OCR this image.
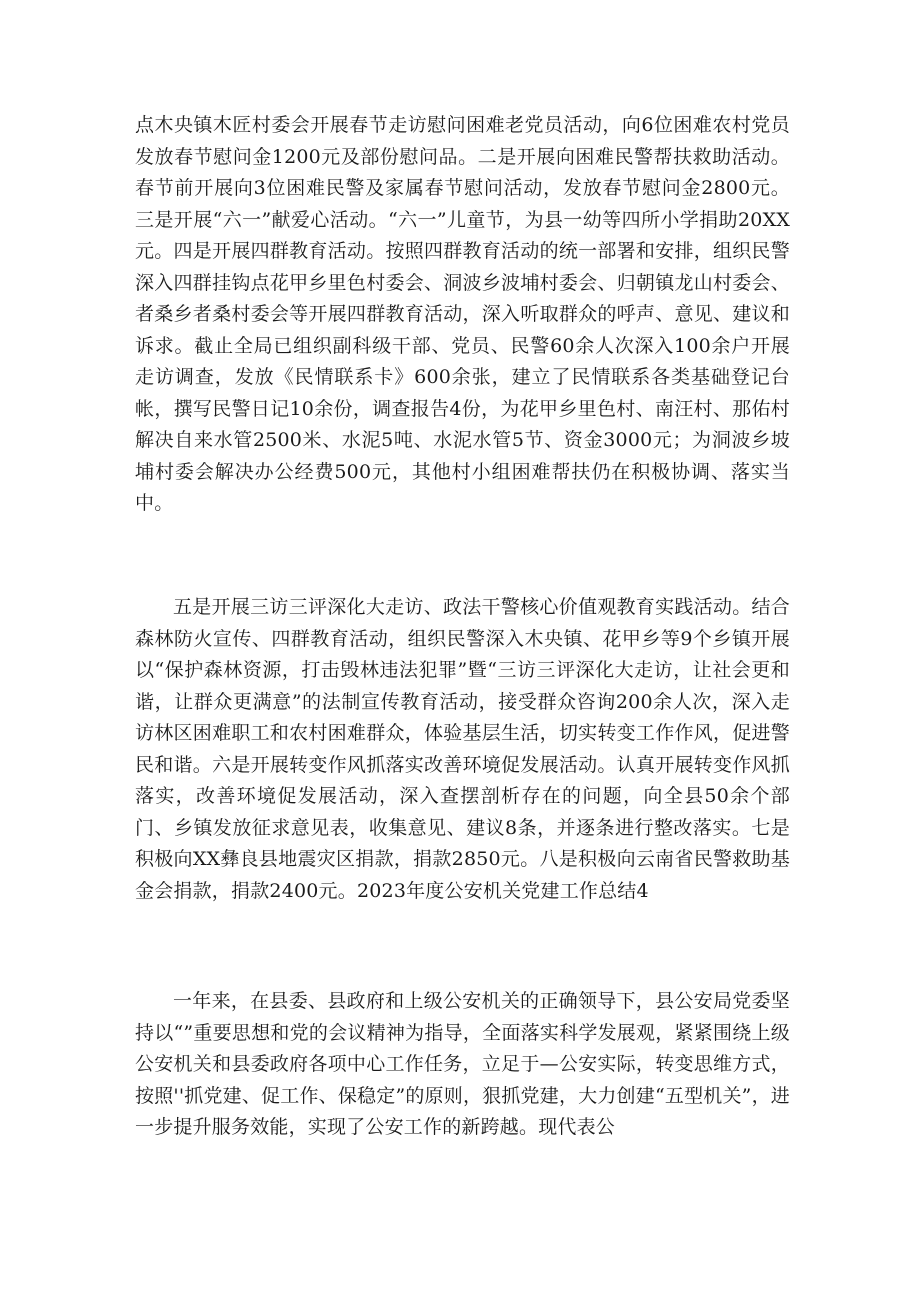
点木央镇木匠村委会开展春节走访慰问困难老党员活动，向6位困难农村党员发放春节慰问金1200元及部份慰问品。二是开展向困难民警帮扶救助活动。春节前开展向3位困难民警及家属春节慰问活动，发放春节慰问金2800元。三是开展“六一”献爱心活动。“六一”儿童节，为县一幼等四所小学捐助20XX元。四是开展四群教育活动。按照四群教育活动的统一部署和安排，组织民警深入四群挂钩点花甲乡里色村委会、洞波乡波埔村委会、归朝镇龙山村委会、者桑乡者桑村委会等开展四群教育活动，深入听取群众的呼声、意见、建议和诉求。截止全局已组织副科级干部、党员、民警60余人次深入100余户开展走访调查，发放《民情联系卡》600余张，建立了民情联系各类基础登记台帐，撰写民警日记10余份，调查报告4份，为花甲乡里色村、南汪村、那佑村解决自来水管2500米、水泥5吨、水泥水管5节、资金3000元；为洞波乡坡埔村委会解决办公经费500元，其他村小组困难帮扶仍在积极协调、落实当中。

五是开展三访三评深化大走访、政法干警核心价值观教育实践活动。结合森林防火宣传、四群教育活动，组织民警深入木央镇、花甲乡等9个乡镇开展以“保护森林资源，打击毁林违法犯罪”暨“三访三评深化大走访，让社会更和谐，让群众更满意”的法制宣传教育活动，接受群众咨询200余人次，深入走访林区困难职工和农村困难群众，体验基层生活，切实转变工作作风，促进警民和谐。六是开展转变作风抓落实改善环境促发展活动。认真开展转变作风抓落实，改善环境促发展活动，深入查摆剖析存在的问题，向全县50余个部门、乡镇发放征求意见表，收集意见、建议8条，并逐条进行整改落实。七是积极向XX彝良县地震灾区捐款，捐款2850元。八是积极向云南省民警救助基金会捐款，捐款2400元。2023年度公安机关党建工作总结4

一年来，在县委、县政府和上级公安机关的正确领导下，县公安局党委坚持以“”重要思想和党的会议精神为指导，全面落实科学发展观，紧紧围绕上级公安机关和县委政府各项中心工作任务，立足于—公安实际，转变思维方式，按照''抓党建、促工作、保稳定”的原则，狠抓党建，大力创建“五型机关”，进一步提升服务效能，实现了公安工作的新跨越。现代表公
